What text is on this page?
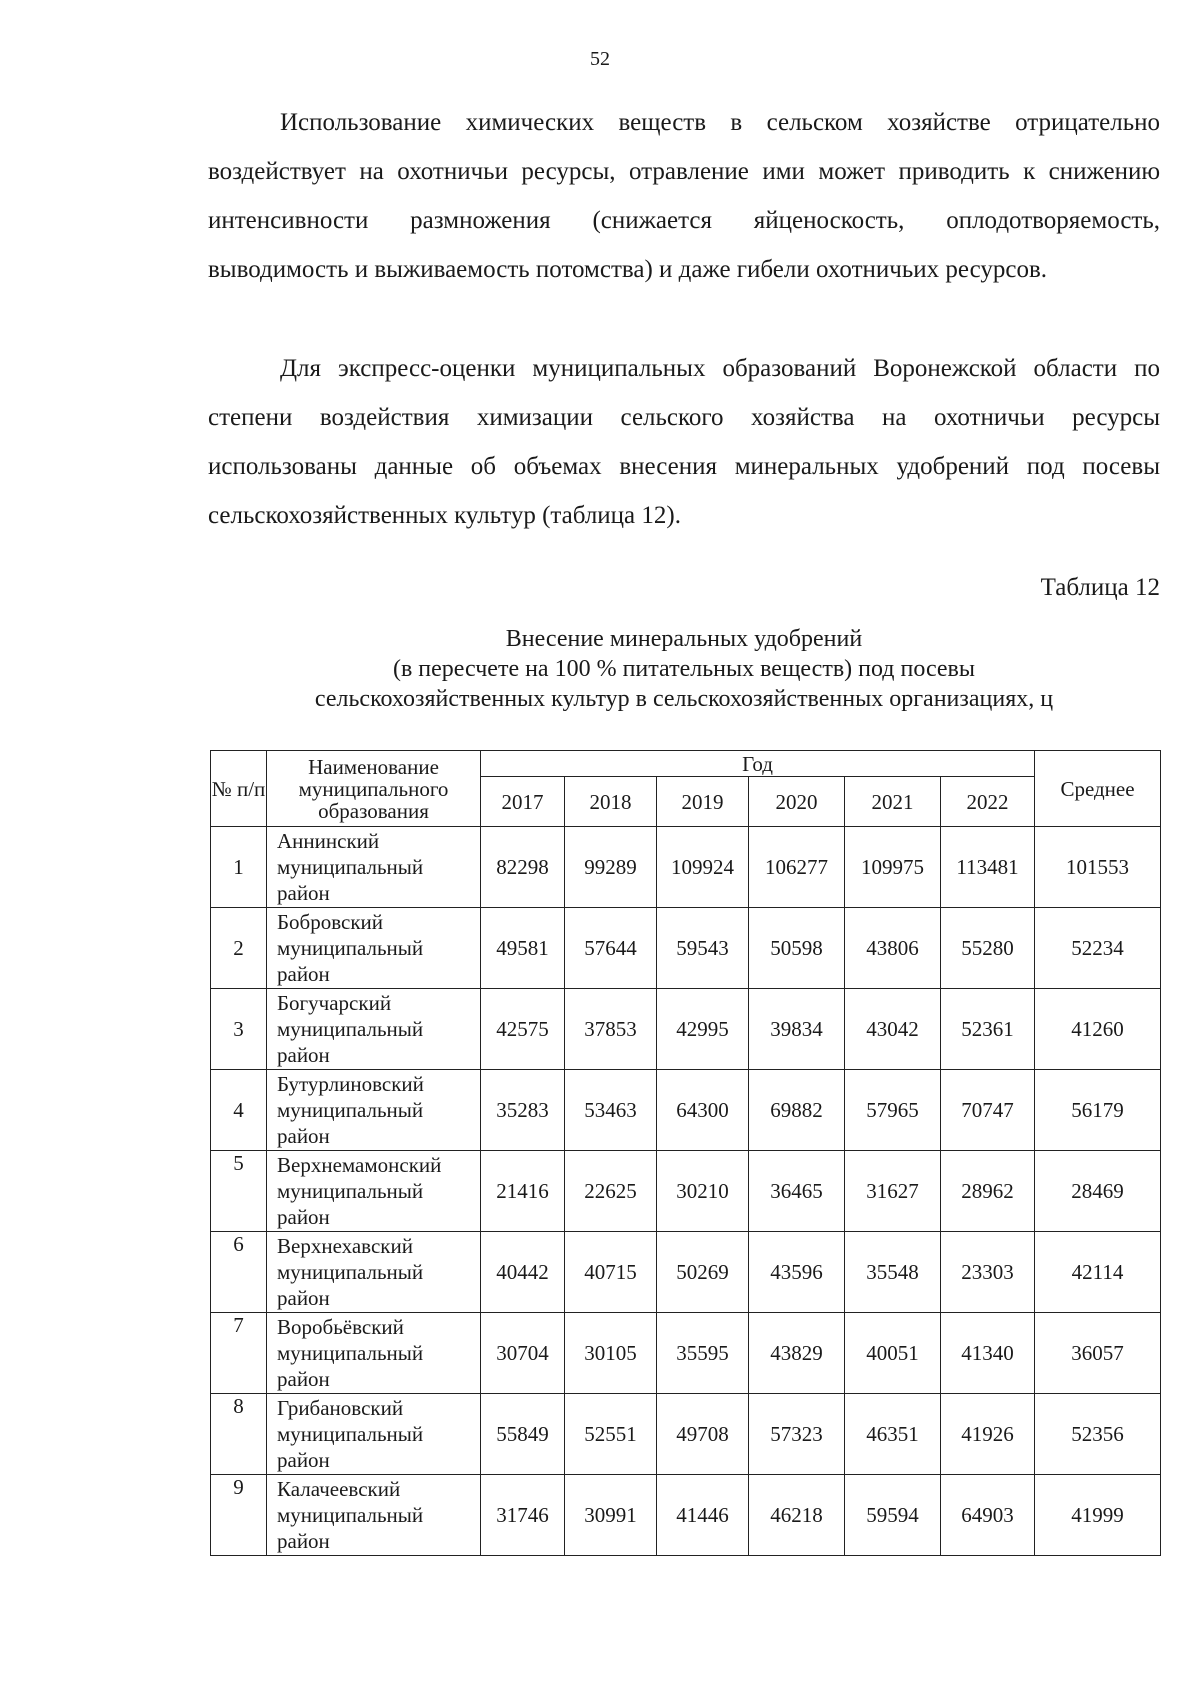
52

Использование химических веществ в сельском хозяйстве отрицательно воздействует на охотничьи ресурсы, отравление ими может приводить к снижению интенсивности размножения (снижается яйценоскость, оплодотворяемость, выводимость и выживаемость потомства) и даже гибели охотничьих ресурсов.

Для экспресс-оценки муниципальных образований Воронежской области по степени воздействия химизации сельского хозяйства на охотничьи ресурсы использованы данные об объемах внесения минеральных удобрений под посевы сельскохозяйственных культур (таблица 12).

Таблица 12
Внесение минеральных удобрений
(в пересчете на 100 % питательных веществ) под посевы
сельскохозяйственных культур в сельскохозяйственных организациях, ц
№ п/п	Наименование муниципального образования	Год						Среднее
		2017	2018	2019	2020	2021	2022	
1	Аннинский
муниципальный
район	82298	99289	109924	106277	109975	113481	101553
2	Бобровский
муниципальный
район	49581	57644	59543	50598	43806	55280	52234
3	Богучарский
муниципальный
район	42575	37853	42995	39834	43042	52361	41260
4	Бутурлиновский
муниципальный
район	35283	53463	64300	69882	57965	70747	56179
5	Верхнемамонский
муниципальный
район	21416	22625	30210	36465	31627	28962	28469
6	Верхнехавский
муниципальный
район	40442	40715	50269	43596	35548	23303	42114
7	Воробьёвский
муниципальный
район	30704	30105	35595	43829	40051	41340	36057
8	Грибановский
муниципальный
район	55849	52551	49708	57323	46351	41926	52356
9	Калачеевский
муниципальный
район	31746	30991	41446	46218	59594	64903	41999
